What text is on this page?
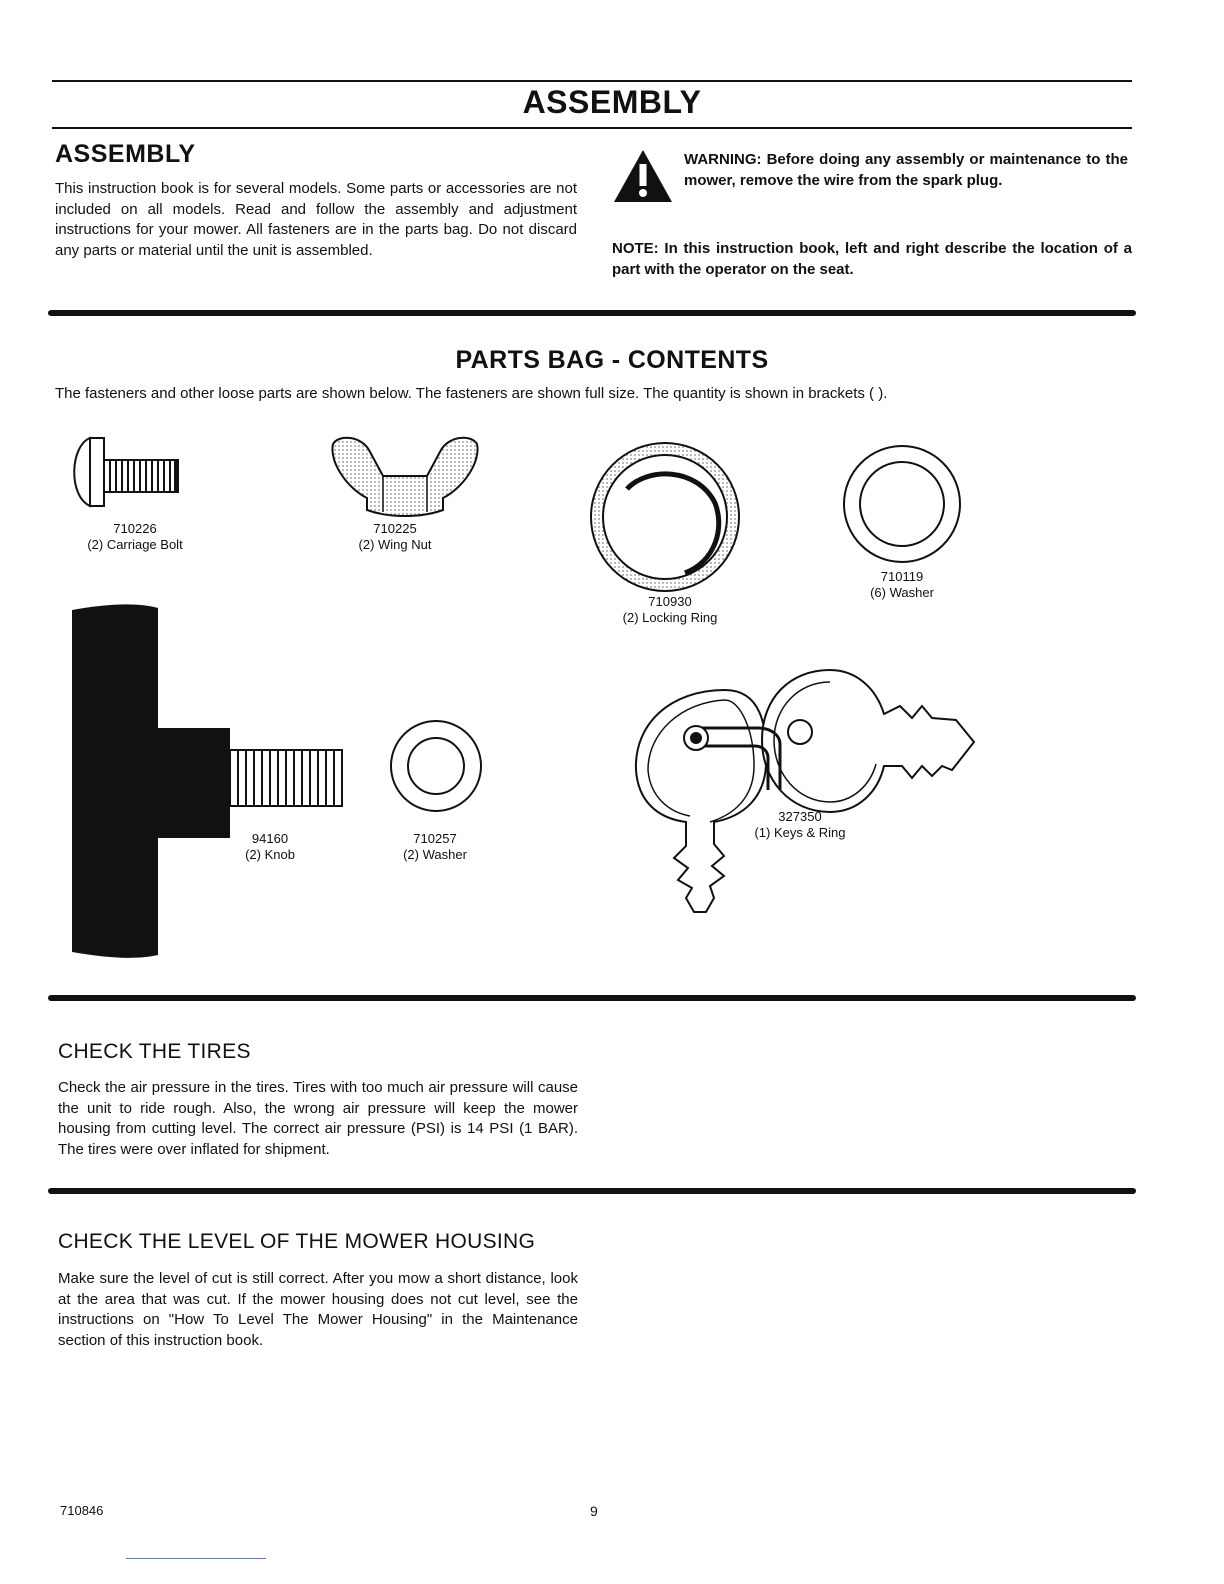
ASSEMBLY
ASSEMBLY
This instruction book is for several models. Some parts or accessories are not included on all models. Read and follow the assembly and adjustment instructions for your mower. All fasteners are in the parts bag. Do not discard any parts or material until the unit is assembled.
WARNING: Before doing any assembly or maintenance to the mower, remove the wire from the spark plug.
NOTE: In this instruction book, left and right describe the location of a part with the operator on the seat.
PARTS BAG - CONTENTS
The fasteners and other loose parts are shown below. The fasteners are shown full size. The quantity is shown in brackets ( ).
710226
(2) Carriage Bolt
710225
(2) Wing Nut
710930
(2) Locking Ring
710119
(6) Washer
94160
(2) Knob
710257
(2) Washer
327350
(1) Keys & Ring
CHECK THE TIRES
Check the air pressure in the tires. Tires with too much air pressure will cause the unit to ride rough. Also, the wrong air pressure will keep the mower housing from cutting level. The correct air pressure (PSI) is 14 PSI (1 BAR). The tires were over inflated for shipment.
CHECK THE LEVEL OF THE MOWER HOUSING
Make sure the level of cut is still correct. After you mow a short distance, look at the area that was cut. If the mower housing does not cut level, see the instructions on "How To Level The Mower Housing" in the Maintenance section of this instruction book.
710846	9
